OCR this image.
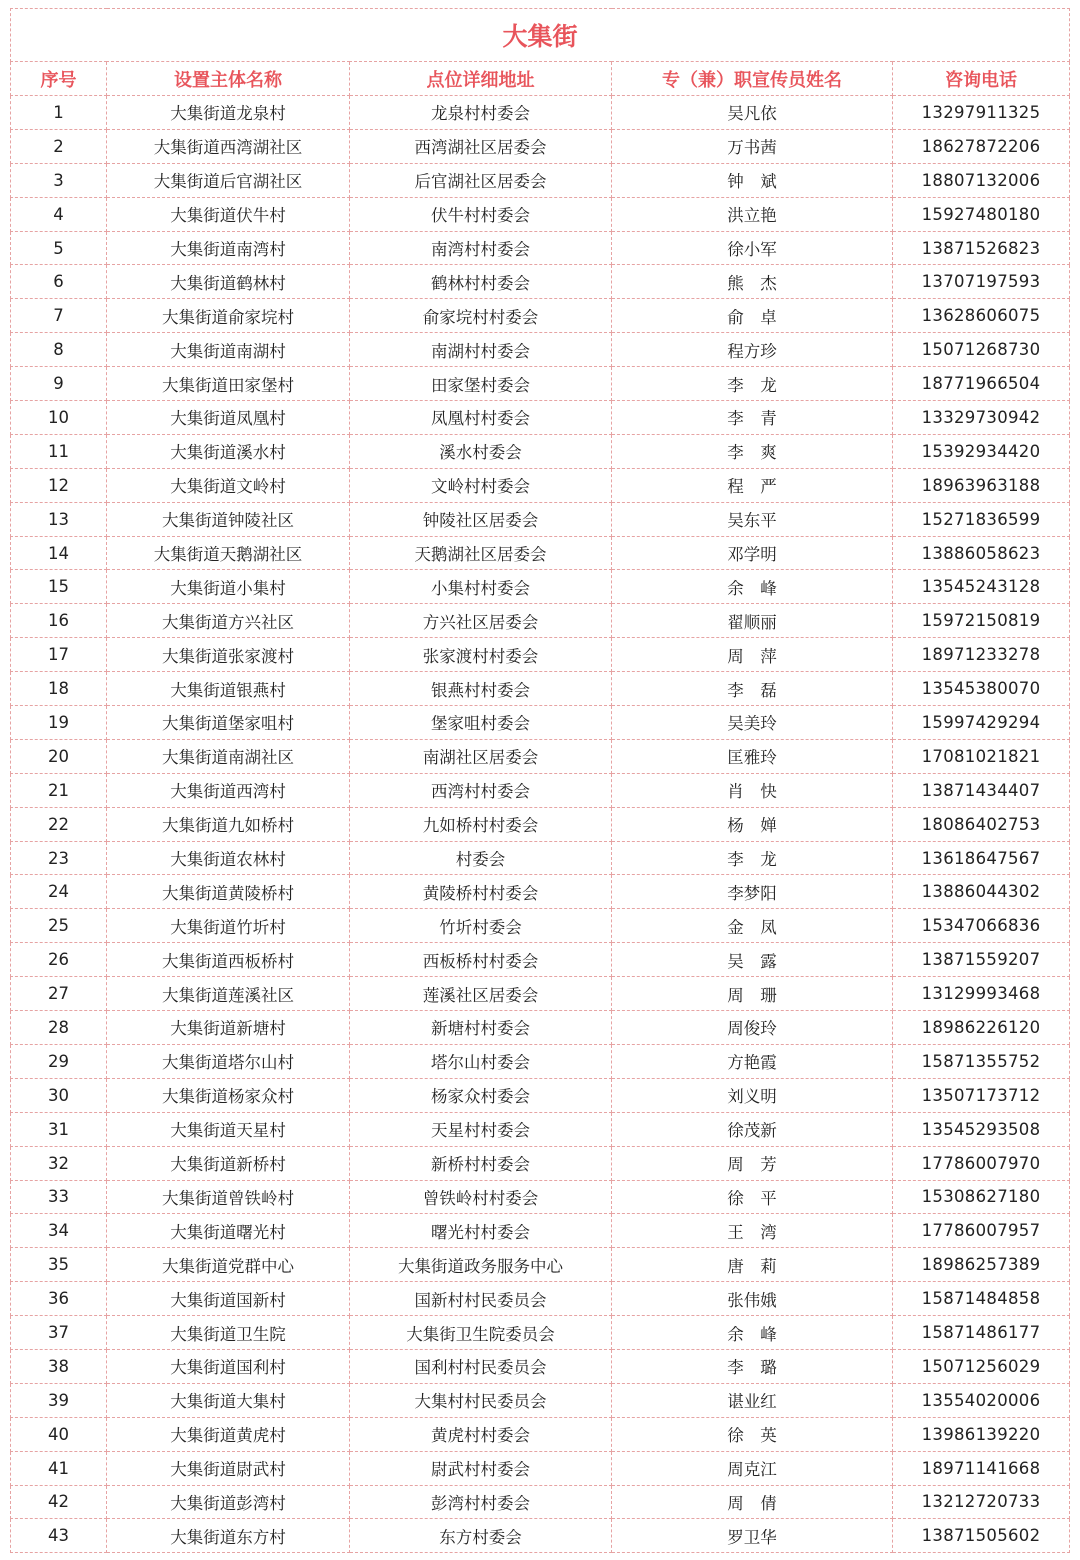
大集街				
序号	设置主体名称	点位详细地址	专（兼）职宣传员姓名	咨询电话
1	大集街道龙泉村	龙泉村村委会	吴凡依	13297911325
2	大集街道西湾湖社区	西湾湖社区居委会	万书茜	18627872206
3	大集街道后官湖社区	后官湖社区居委会	钟　斌	18807132006
4	大集街道伏牛村	伏牛村村委会	洪立艳	15927480180
5	大集街道南湾村	南湾村村委会	徐小军	13871526823
6	大集街道鹤林村	鹤林村村委会	熊　杰	13707197593
7	大集街道俞家垸村	俞家垸村村委会	俞　卓	13628606075
8	大集街道南湖村	南湖村村委会	程方珍	15071268730
9	大集街道田家堡村	田家堡村委会	李　龙	18771966504
10	大集街道凤凰村	凤凰村村委会	李　青	13329730942
11	大集街道溪水村	溪水村委会	李　爽	15392934420
12	大集街道文岭村	文岭村村委会	程　严	18963963188
13	大集街道钟陵社区	钟陵社区居委会	吴东平	15271836599
14	大集街道天鹅湖社区	天鹅湖社区居委会	邓学明	13886058623
15	大集街道小集村	小集村村委会	余　峰	13545243128
16	大集街道方兴社区	方兴社区居委会	翟顺丽	15972150819
17	大集街道张家渡村	张家渡村村委会	周　萍	18971233278
18	大集街道银燕村	银燕村村委会	李　磊	13545380070
19	大集街道堡家咀村	堡家咀村委会	吴美玲	15997429294
20	大集街道南湖社区	南湖社区居委会	匡雅玲	17081021821
21	大集街道西湾村	西湾村村委会	肖　快	13871434407
22	大集街道九如桥村	九如桥村村委会	杨　婵	18086402753
23	大集街道农林村	村委会	李　龙	13618647567
24	大集街道黄陵桥村	黄陵桥村村委会	李梦阳	13886044302
25	大集街道竹圻村	竹圻村委会	金　凤	15347066836
26	大集街道西板桥村	西板桥村村委会	吴　露	13871559207
27	大集街道莲溪社区	莲溪社区居委会	周　珊	13129993468
28	大集街道新塘村	新塘村村委会	周俊玲	18986226120
29	大集街道塔尔山村	塔尔山村委会	方艳霞	15871355752
30	大集街道杨家众村	杨家众村委会	刘义明	13507173712
31	大集街道天星村	天星村村委会	徐茂新	13545293508
32	大集街道新桥村	新桥村村委会	周　芳	17786007970
33	大集街道曾铁岭村	曾铁岭村村委会	徐　平	15308627180
34	大集街道曙光村	曙光村村委会	王　湾	17786007957
35	大集街道党群中心	大集街道政务服务中心	唐　莉	18986257389
36	大集街道国新村	国新村村民委员会	张伟娥	15871484858
37	大集街道卫生院	大集街卫生院委员会	余　峰	15871486177
38	大集街道国利村	国利村村民委员会	李　璐	15071256029
39	大集街道大集村	大集村村民委员会	谌业红	13554020006
40	大集街道黄虎村	黄虎村村委会	徐　英	13986139220
41	大集街道尉武村	尉武村村委会	周克江	18971141668
42	大集街道彭湾村	彭湾村村委会	周　倩	13212720733
43	大集街道东方村	东方村委会	罗卫华	13871505602
